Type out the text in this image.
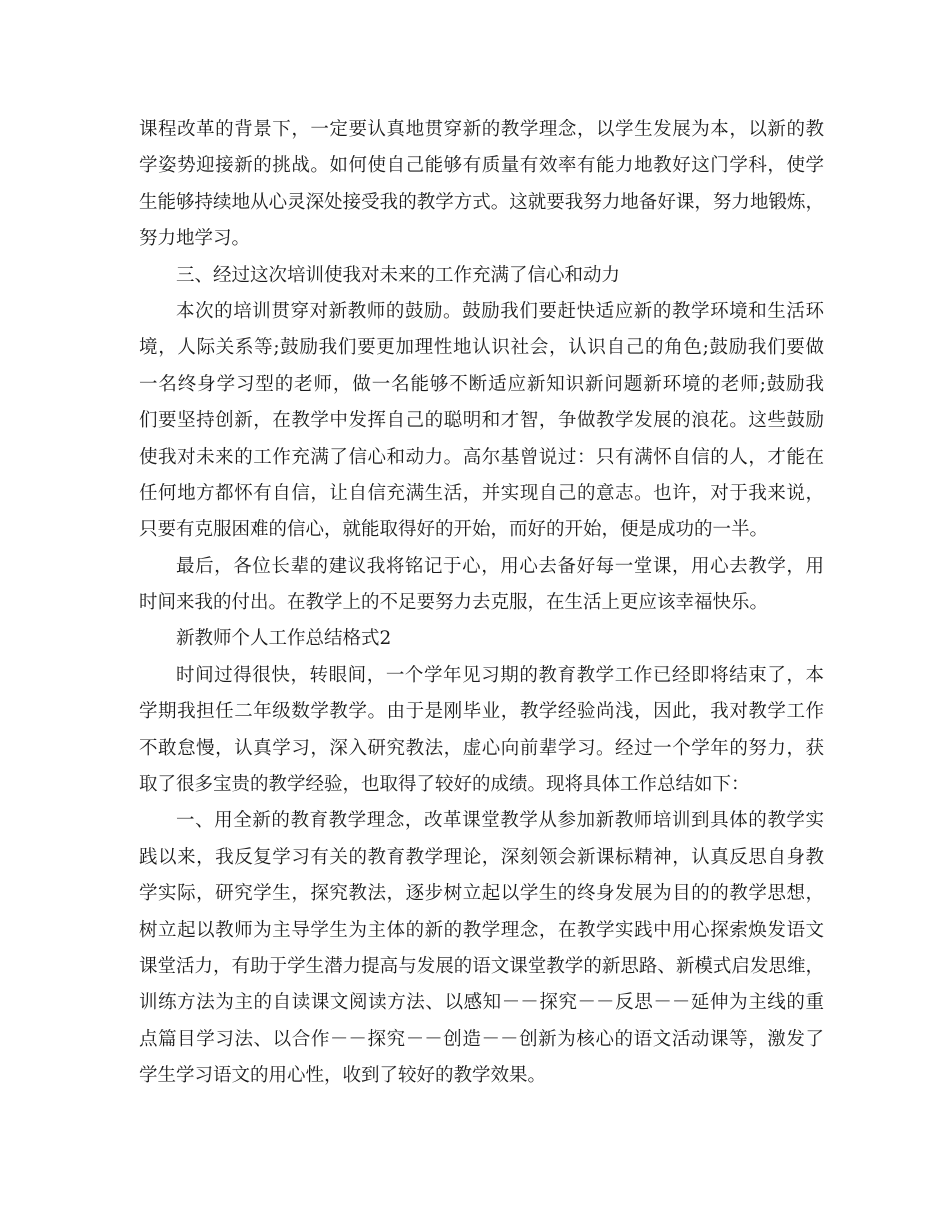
课程改革的背景下，一定要认真地贯穿新的教学理念，以学生发展为本，以新的教
学姿势迎接新的挑战。如何使自己能够有质量有效率有能力地教好这门学科，使学
生能够持续地从心灵深处接受我的教学方式。这就要我努力地备好课，努力地锻炼，
努力地学习。
三、经过这次培训使我对未来的工作充满了信心和动力
本次的培训贯穿对新教师的鼓励。鼓励我们要赶快适应新的教学环境和生活环
境，人际关系等;鼓励我们要更加理性地认识社会，认识自己的角色;鼓励我们要做
一名终身学习型的老师，做一名能够不断适应新知识新问题新环境的老师;鼓励我
们要坚持创新，在教学中发挥自己的聪明和才智，争做教学发展的浪花。这些鼓励
使我对未来的工作充满了信心和动力。高尔基曾说过：只有满怀自信的人，才能在
任何地方都怀有自信，让自信充满生活，并实现自己的意志。也许，对于我来说，
只要有克服困难的信心，就能取得好的开始，而好的开始，便是成功的一半。
最后，各位长辈的建议我将铭记于心，用心去备好每一堂课，用心去教学，用
时间来我的付出。在教学上的不足要努力去克服，在生活上更应该幸福快乐。
新教师个人工作总结格式2
时间过得很快，转眼间，一个学年见习期的教育教学工作已经即将结束了，本
学期我担任二年级数学教学。由于是刚毕业，教学经验尚浅，因此，我对教学工作
不敢怠慢，认真学习，深入研究教法，虚心向前辈学习。经过一个学年的努力，获
取了很多宝贵的教学经验，也取得了较好的成绩。现将具体工作总结如下：
一、用全新的教育教学理念，改革课堂教学从参加新教师培训到具体的教学实
践以来，我反复学习有关的教育教学理论，深刻领会新课标精神，认真反思自身教
学实际，研究学生，探究教法，逐步树立起以学生的终身发展为目的的教学思想，
树立起以教师为主导学生为主体的新的教学理念，在教学实践中用心探索焕发语文
课堂活力，有助于学生潜力提高与发展的语文课堂教学的新思路、新模式启发思维，
训练方法为主的自读课文阅读方法、以感知－－探究－－反思－－延伸为主线的重
点篇目学习法、以合作－－探究－－创造－－创新为核心的语文活动课等，激发了
学生学习语文的用心性，收到了较好的教学效果。
